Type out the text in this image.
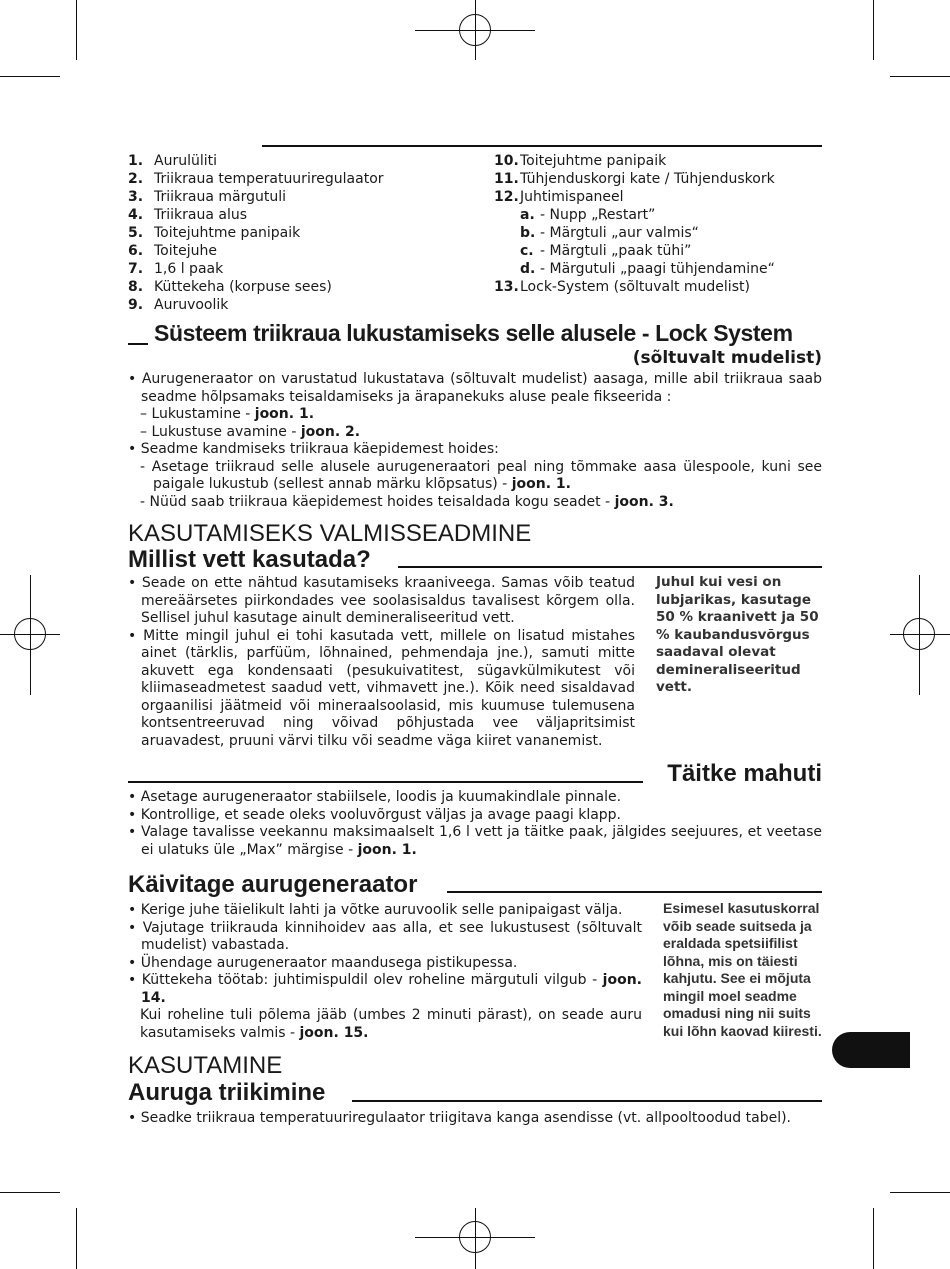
1. Aurulüliti
2. Triikraua temperatuuriregulaator
3. Triikraua märgutuli
4. Triikraua alus
5. Toitejuhtme panipaik
6. Toitejuhe
7. 1,6 l paak
8. Küttekeha (korpuse sees)
9. Auruvoolik
10. Toitejuhtme panipaik
11. Tühjenduskorgi kate / Tühjenduskork
12. Juhtimispaneel
a. - Nupp „Restart”
b. - Märgtuli „aur valmis“
c. - Märgtuli „paak tühi”
d. - Märgutuli „paagi tühjendamine“
13. Lock-System (sõltuvalt mudelist)
Süsteem triikraua lukustamiseks selle alusele - Lock System
(sõltuvalt mudelist)

• Aurugeneraator on varustatud lukustatava (sõltuvalt mudelist) aasaga, mille abil triikraua saab seadme hõlpsamaks teisaldamiseks ja ärapanekuks aluse peale fikseerida :

– Lukustamine - joon. 1.

– Lukustuse avamine - joon. 2.

• Seadme kandmiseks triikraua käepidemest hoides:

- Asetage triikraud selle alusele aurugeneraatori peal ning tõmmake aasa ülespoole, kuni see paigale lukustub (sellest annab märku klõpsatus) - joon. 1.

- Nüüd saab triikraua käepidemest hoides teisaldada kogu seadet - joon. 3.

KASUTAMISEKS VALMISSEADMINE
Millist vett kasutada?

• Seade on ette nähtud kasutamiseks kraaniveega. Samas võib teatud mereäärsetes piirkondades vee soolasisaldus tavalisest kõrgem olla. Sellisel juhul kasutage ainult demineraliseeritud vett.

• Mitte mingil juhul ei tohi kasutada vett, millele on lisatud mistahes ainet (tärklis, parfüüm, lõhnained, pehmendaja jne.), samuti mitte akuvett ega kondensaati (pesukuivatitest, sügavkülmikutest või kliimaseadmetest saadud vett, vihmavett jne.). Kõik need sisaldavad orgaanilisi jäätmeid või mineraalsoolasid, mis kuumuse tulemusena kontsentreeruvad ning võivad põhjustada vee väljapritsimist aruavadest, pruuni värvi tilku või seadme väga kiiret vananemist.

Juhul kui vesi on lubjarikas, kasutage 50 % kraanivett ja 50 % kaubandusvõrgus saadaval olevat demineraliseeritud vett.

Täitke mahuti

• Asetage aurugeneraator stabiilsele, loodis ja kuumakindlale pinnale.

• Kontrollige, et seade oleks vooluvõrgust väljas ja avage paagi klapp.

• Valage tavalisse veekannu maksimaalselt 1,6 l vett ja täitke paak, jälgides seejuures, et veetase ei ulatuks üle „Max” märgise - joon. 1.

Käivitage aurugeneraator

• Kerige juhe täielikult lahti ja võtke auruvoolik selle panipaigast välja.

• Vajutage triikrauda kinnihoidev aas alla, et see lukustusest (sõltuvalt mudelist) vabastada.

• Ühendage aurugeneraator maandusega pistikupessa.

• Küttekeha töötab: juhtimispuldil olev roheline märgutuli vilgub - joon. 14.

Kui roheline tuli põlema jääb (umbes 2 minuti pärast), on seade auru kasutamiseks valmis - joon. 15.

Esimesel kasutuskorral võib seade suitseda ja eraldada spetsiifilist lõhna, mis on täiesti kahjutu. See ei mõjuta mingil moel seadme omadusi ning nii suits kui lõhn kaovad kiiresti.

KASUTAMINE
Auruga triikimine

• Seadke triikraua temperatuuriregulaator triigitava kanga asendisse (vt. allpooltoodud tabel).
